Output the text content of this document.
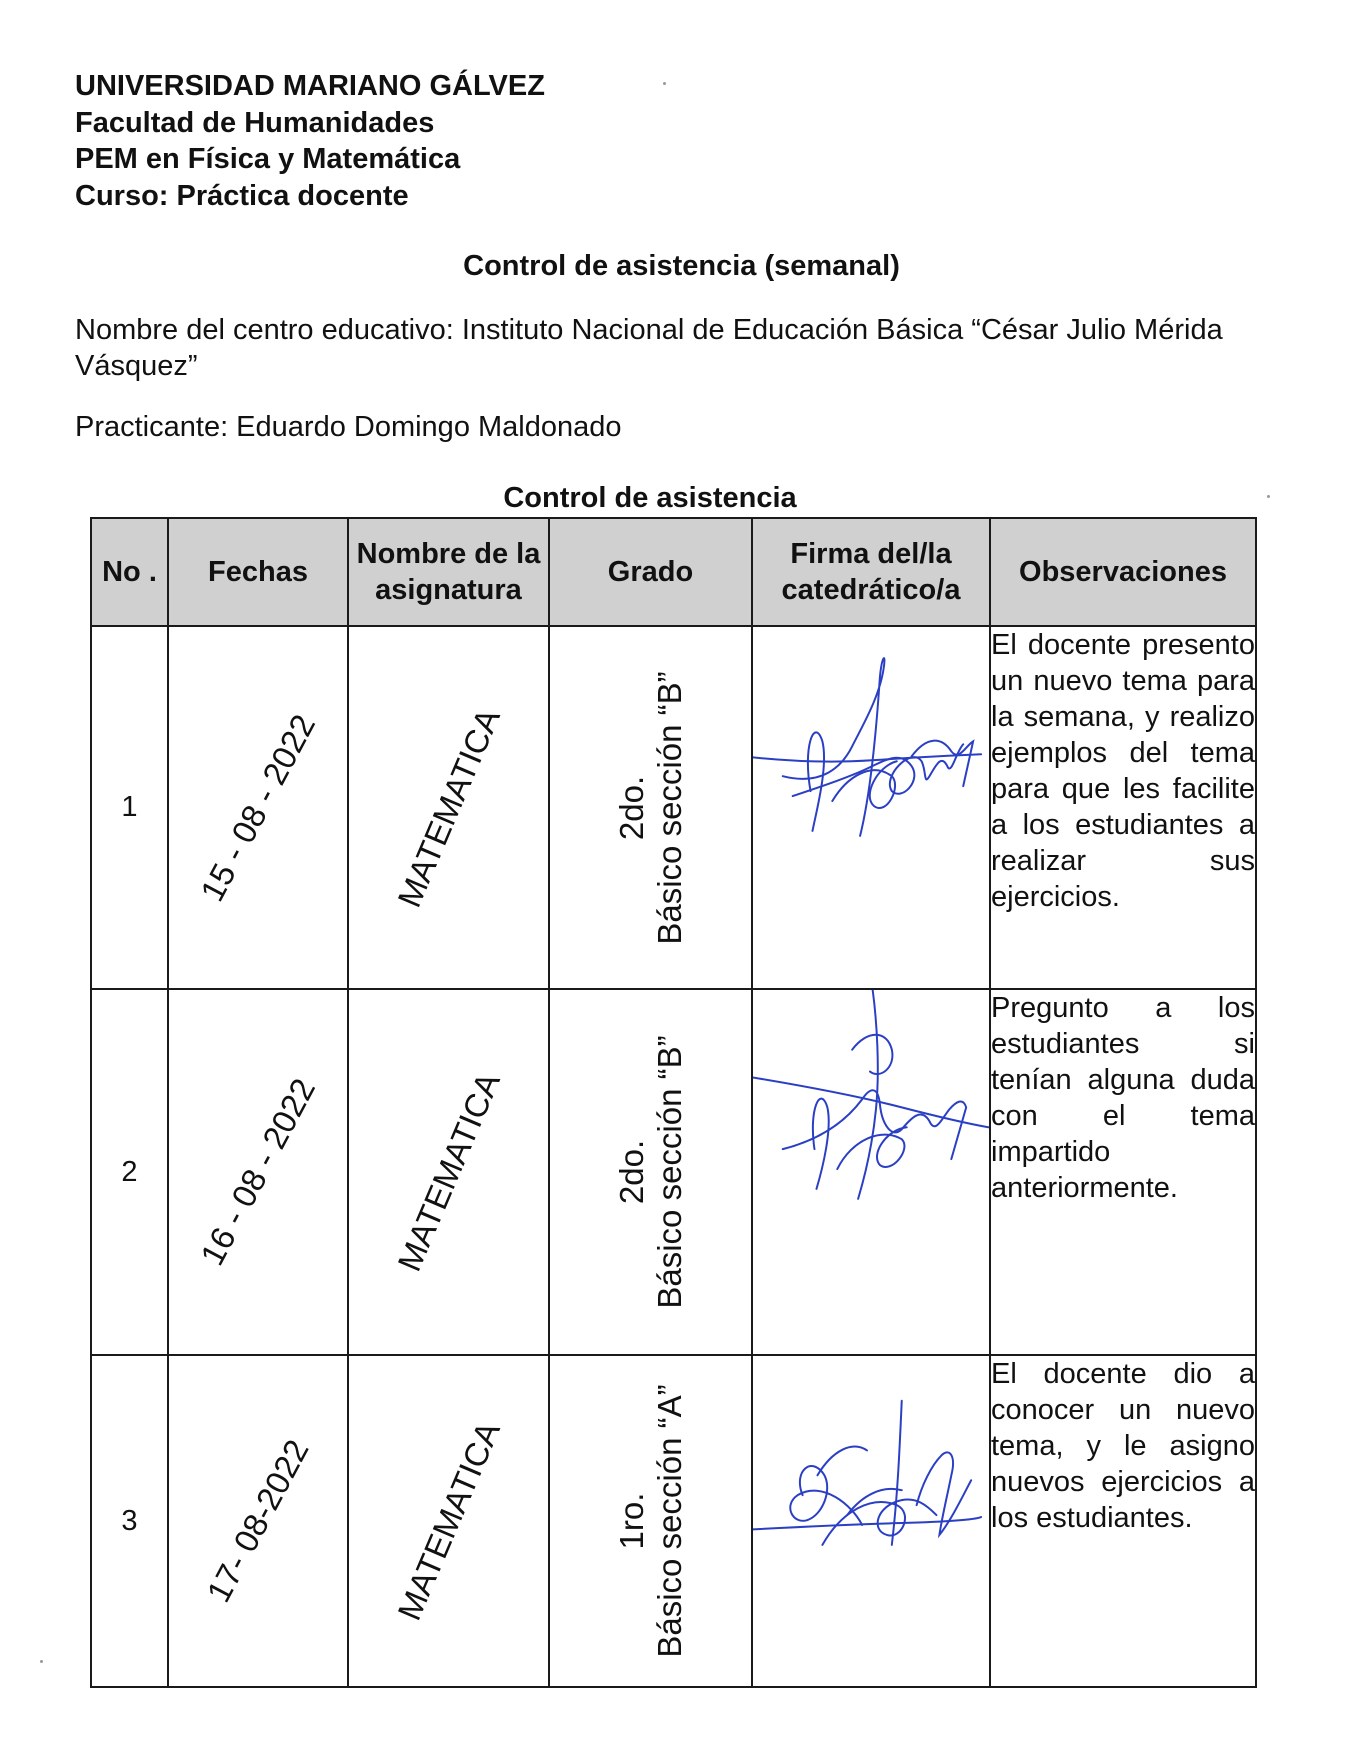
UNIVERSIDAD MARIANO GÁLVEZ
Facultad de Humanidades
PEM en Física y Matemática
Curso: Práctica docente
Control de asistencia (semanal)
Nombre del centro educativo: Instituto Nacional de Educación Básica “César Julio Mérida Vásquez”
Practicante: Eduardo Domingo Maldonado
Control de asistencia
No .	Fechas	Nombre de la asignatura	Grado	Firma del/la catedrático/a	Observaciones
1	15 - 08 - 2022	MATEMATICA	2do. Básico sección “B”		El docente presento un nuevo tema para la semana, y realizo ejemplos del tema para que les facilite a los estudiantes a realizar sus ejercicios.
2	16 - 08 - 2022	MATEMATICA	2do. Básico sección “B”		Pregunto a los estudiantes si tenían alguna duda con el tema impartido anteriormente.
3	17- 08-2022	MATEMATICA	1ro. Básico sección “A”		El docente dio a conocer un nuevo tema, y le asigno nuevos ejercicios a los estudiantes.
